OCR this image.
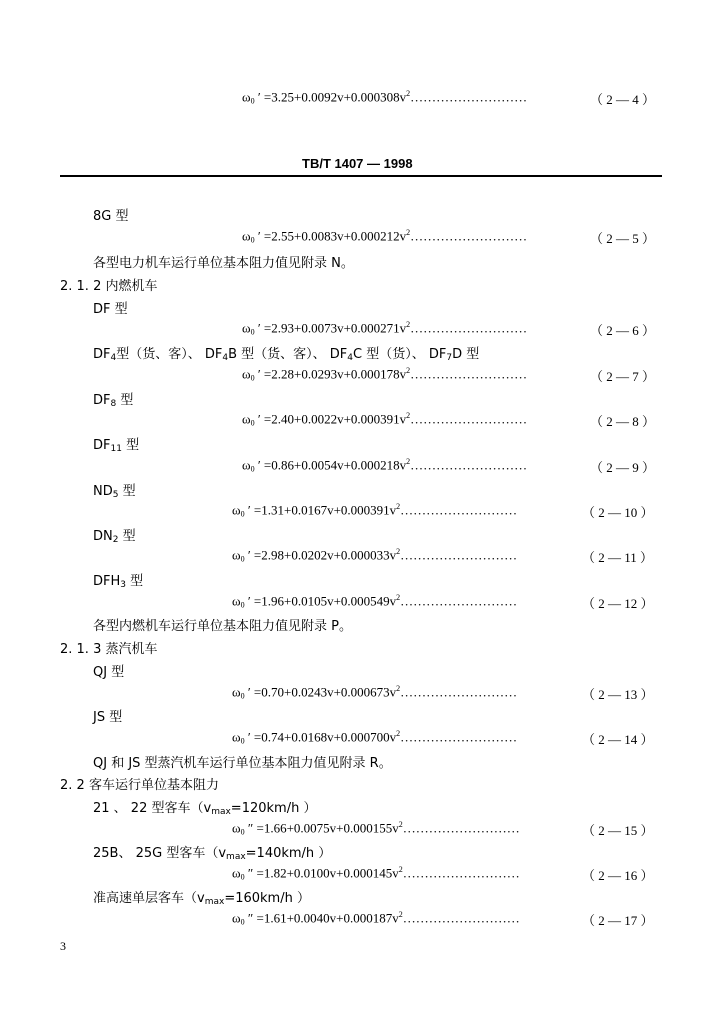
$\omega_0$ ′ $=3.25+0.0092v+0.000308v^2\dots\dots\dots\dots\dots\dots\dots\dots\dots$	（ 2 — 4 ）
TB/T 1407 — 1998
8G 型
$\omega_0$ ′ $=2.55+0.0083v+0.000212v^2\dots\dots\dots\dots\dots\dots\dots\dots\dots$	（ 2 — 5 ）
各型电力机车运行单位基本阻力值见附录 N。
2. 1. 2 内燃机车
DF 型
$\omega_0$ ′ $=2.93+0.0073v+0.000271v^2\dots\dots\dots\dots\dots\dots\dots\dots\dots$	（ 2 — 6 ）
$DF_4$型（货、客）、 $DF_4B$ 型（货、客）、 $DF_4C$ 型（货）、 $DF_7D$ 型
$\omega_0$ ′ $=2.28+0.0293v+0.000178v^2\dots\dots\dots\dots\dots\dots\dots\dots\dots$	（ 2 — 7 ）
$DF_8$ 型
$\omega_0$ ′ $=2.40+0.0022v+0.000391v^2\dots\dots\dots\dots\dots\dots\dots\dots\dots$	（ 2 — 8 ）
$DF_{11}$ 型
$\omega_0$ ′ $=0.86+0.0054v+0.000218v^2\dots\dots\dots\dots\dots\dots\dots\dots\dots$	（ 2 — 9 ）
$ND_5$ 型
$\omega_0$ ′ $=1.31+0.0167v+0.000391v^2\dots\dots\dots\dots\dots\dots\dots\dots\dots$	（ 2 — 10 ）
$DN_2$ 型
$\omega_0$ ′ $=2.98+0.0202v+0.000033v^2\dots\dots\dots\dots\dots\dots\dots\dots\dots$	（ 2 — 11 ）
$DFH_3$ 型
$\omega_0$ ′ $=1.96+0.0105v+0.000549v^2\dots\dots\dots\dots\dots\dots\dots\dots\dots$	（ 2 — 12 ）
各型内燃机车运行单位基本阻力值见附录 P。
2. 1. 3 蒸汽机车
QJ 型
$\omega_0$ ′ $=0.70+0.0243v+0.000673v^2\dots\dots\dots\dots\dots\dots\dots\dots\dots$	（ 2 — 13 ）
JS 型
$\omega_0$ ′ $=0.74+0.0168v+0.000700v^2\dots\dots\dots\dots\dots\dots\dots\dots\dots$	（ 2 — 14 ）
QJ 和 JS 型蒸汽机车运行单位基本阻力值见附录 R。
2. 2 客车运行单位基本阻力
21 、 22 型客车（$v_{max}=120km/h$ ）
$\omega_0$ ″ $=1.66+0.0075v+0.000155v^2\dots\dots\dots\dots\dots\dots\dots\dots\dots$	（ 2 — 15 ）
25B、 25G 型客车（$v_{max}=140km/h$ ）
$\omega_0$ ″ $=1.82+0.0100v+0.000145v^2\dots\dots\dots\dots\dots\dots\dots\dots\dots$	（ 2 — 16 ）
准高速单层客车（$v_{max}=160km/h$ ）
$\omega_0$ ″ $=1.61+0.0040v+0.000187v^2\dots\dots\dots\dots\dots\dots\dots\dots\dots$	（ 2 — 17 ）
3
